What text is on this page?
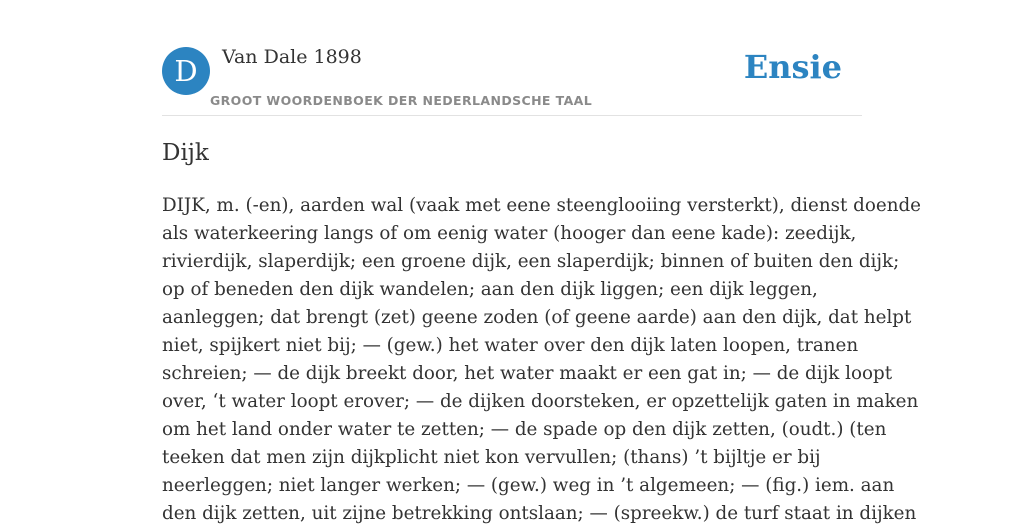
D	Van Dale 1898
GROOT WOORDENBOEK DER NEDERLANDSCHE TAAL
Ensie
Dijk
DIJK, m. (-en), aarden wal (vaak met eene steenglooiing versterkt), dienst doende
als waterkeering langs of om eenig water (hooger dan eene kade): zeedijk,
rivierdijk, slaperdijk; een groene dijk, een slaperdijk; binnen of buiten den dijk;
op of beneden den dijk wandelen; aan den dijk liggen; een dijk leggen,
aanleggen; dat brengt (zet) geene zoden (of geene aarde) aan den dijk, dat helpt
niet, spijkert niet bij; — (gew.) het water over den dijk laten loopen, tranen
schreien; — de dijk breekt door, het water maakt er een gat in; — de dijk loopt
over, ‘t water loopt erover; — de dijken doorsteken, er opzettelijk gaten in maken
om het land onder water te zetten; — de spade op den dijk zetten, (oudt.) (ten
teeken dat men zijn dijkplicht niet kon vervullen; (thans) ’t bijltje er bij
neerleggen; niet langer werken; — (gew.) weg in ’t algemeen; — (fig.) iem. aan
den dijk zetten, uit zijne betrekking ontslaan; — (spreekw.) de turf staat in dijken
